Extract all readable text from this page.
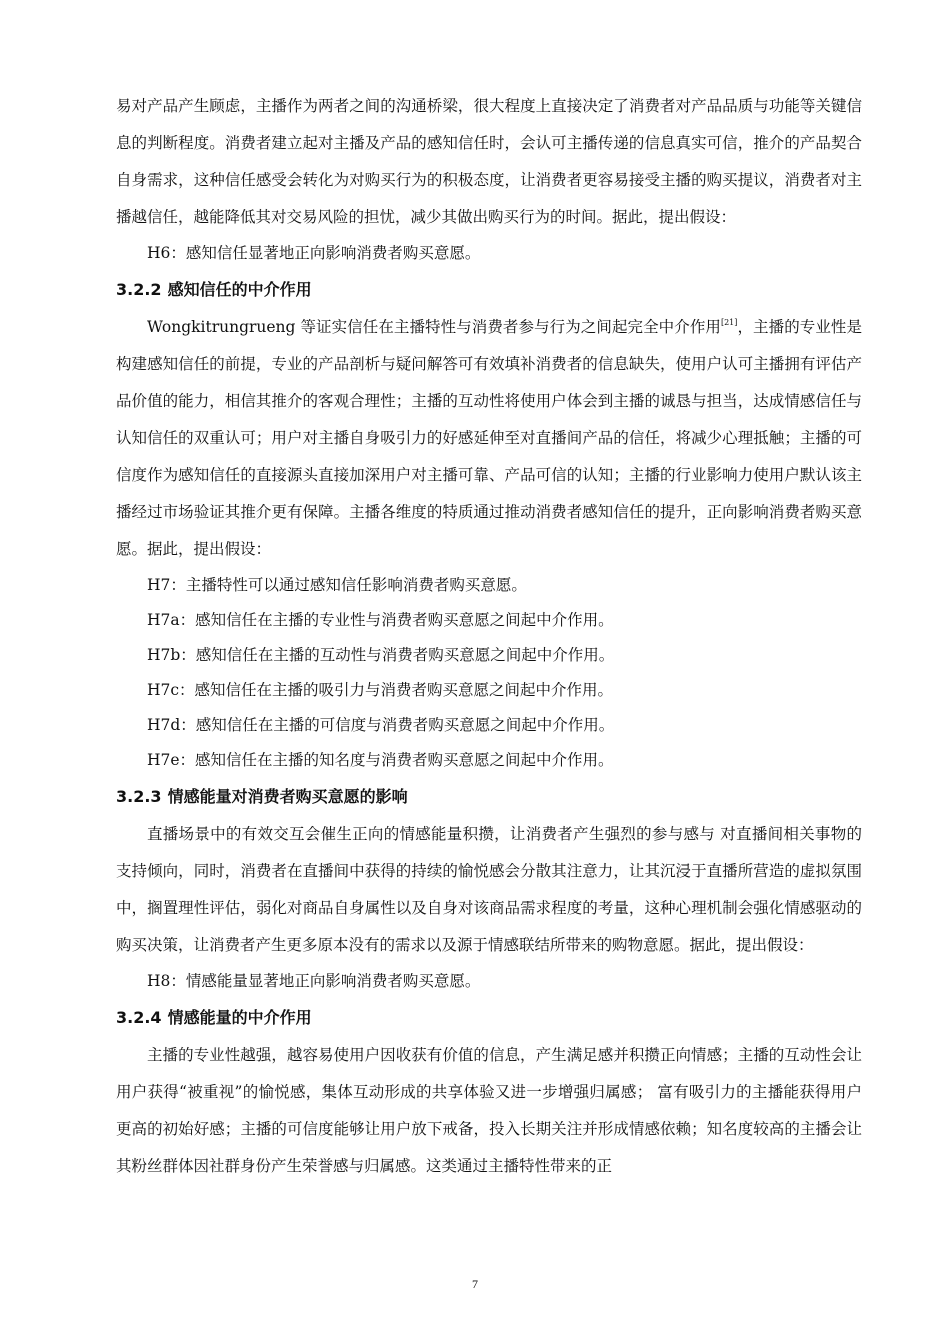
易对产品产生顾虑，主播作为两者之间的沟通桥梁，很大程度上直接决定了消费者对产品品质与功能等关键信息的判断程度。消费者建立起对主播及产品的感知信任时，会认可主播传递的信息真实可信，推介的产品契合自身需求，这种信任感受会转化为对购买行为的积极态度，让消费者更容易接受主播的购买提议，消费者对主播越信任，越能降低其对交易风险的担忧，减少其做出购买行为的时间。据此，提出假设：

H6：感知信任显著地正向影响消费者购买意愿。

3.2.2 感知信任的中介作用

Wongkitrungrueng 等证实信任在主播特性与消费者参与行为之间起完全中介作用[21]，主播的专业性是构建感知信任的前提，专业的产品剖析与疑问解答可有效填补消费者的信息缺失，使用户认可主播拥有评估产品价值的能力，相信其推介的客观合理性；主播的互动性将使用户体会到主播的诚恳与担当，达成情感信任与认知信任的双重认可；用户对主播自身吸引力的好感延伸至对直播间产品的信任，将减少心理抵触；主播的可信度作为感知信任的直接源头直接加深用户对主播可靠、产品可信的认知；主播的行业影响力使用户默认该主播经过市场验证其推介更有保障。主播各维度的特质通过推动消费者感知信任的提升，正向影响消费者购买意愿。据此，提出假设：

H7：主播特性可以通过感知信任影响消费者购买意愿。

H7a：感知信任在主播的专业性与消费者购买意愿之间起中介作用。

H7b：感知信任在主播的互动性与消费者购买意愿之间起中介作用。

H7c：感知信任在主播的吸引力与消费者购买意愿之间起中介作用。

H7d：感知信任在主播的可信度与消费者购买意愿之间起中介作用。

H7e：感知信任在主播的知名度与消费者购买意愿之间起中介作用。

3.2.3 情感能量对消费者购买意愿的影响

直播场景中的有效交互会催生正向的情感能量积攒，让消费者产生强烈的参与感与 对直播间相关事物的支持倾向，同时，消费者在直播间中获得的持续的愉悦感会分散其注意力，让其沉浸于直播所营造的虚拟氛围中，搁置理性评估，弱化对商品自身属性以及自身对该商品需求程度的考量，这种心理机制会强化情感驱动的购买决策，让消费者产生更多原本没有的需求以及源于情感联结所带来的购物意愿。据此，提出假设：

H8：情感能量显著地正向影响消费者购买意愿。

3.2.4 情感能量的中介作用

主播的专业性越强，越容易使用户因收获有价值的信息，产生满足感并积攒正向情感；主播的互动性会让用户获得“被重视”的愉悦感，集体互动形成的共享体验又进一步增强归属感； 富有吸引力的主播能获得用户更高的初始好感；主播的可信度能够让用户放下戒备，投入长期关注并形成情感依赖；知名度较高的主播会让其粉丝群体因社群身份产生荣誉感与归属感。这类通过主播特性带来的正

7
